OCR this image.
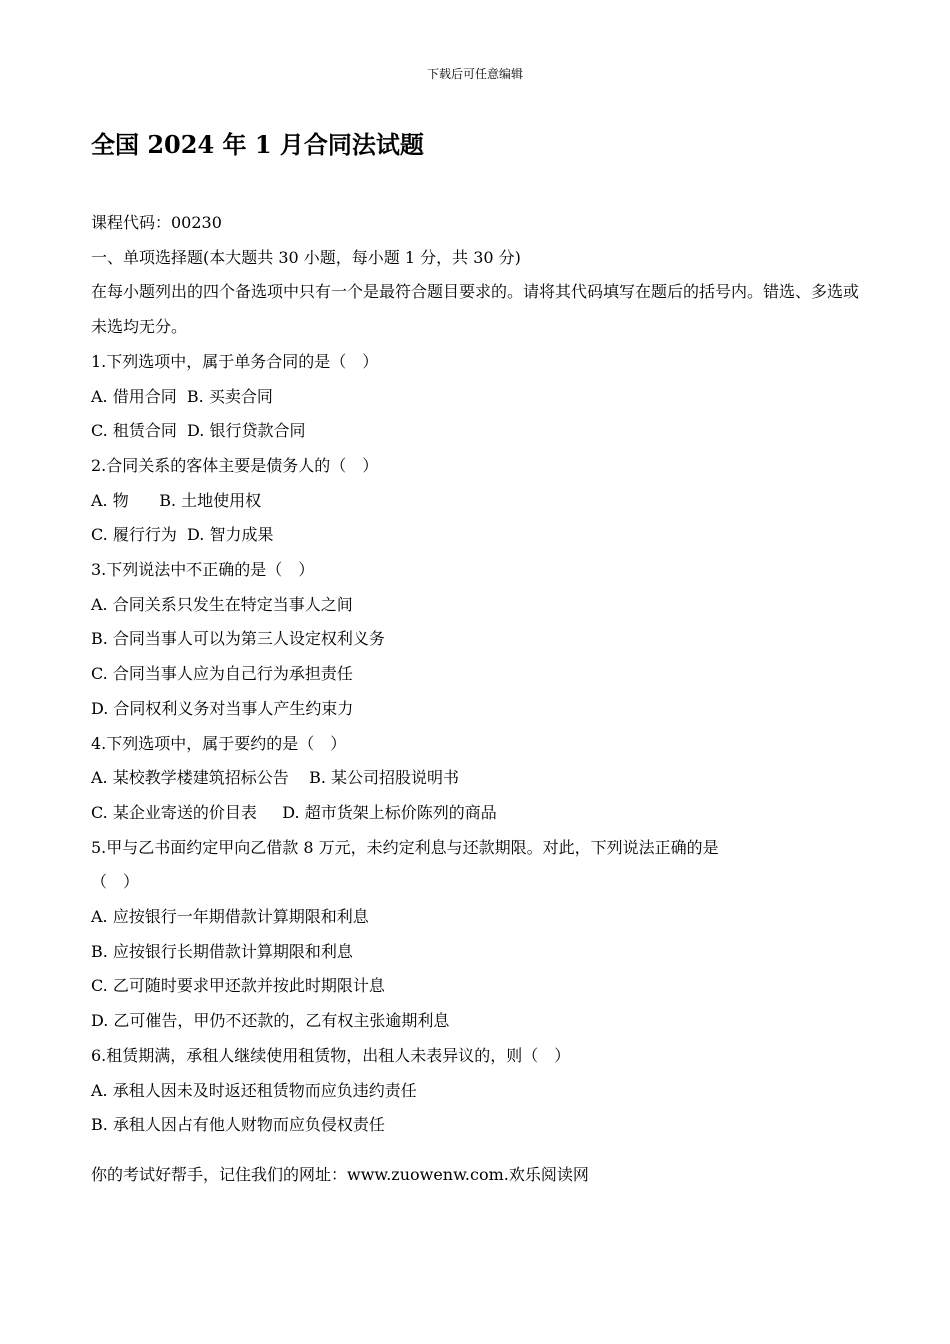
下载后可任意编辑
全国 2024 年 1 月合同法试题
课程代码：00230
一、单项选择题(本大题共 30 小题，每小题 1 分，共 30 分)
在每小题列出的四个备选项中只有一个是最符合题目要求的。请将其代码填写在题后的括号内。错选、多选或未选均无分。
1.下列选项中，属于单务合同的是（　）
A. 借用合同  B. 买卖合同
C. 租赁合同  D. 银行贷款合同
2.合同关系的客体主要是债务人的（　）
A. 物      B. 土地使用权
C. 履行行为  D. 智力成果
3.下列说法中不正确的是（　）
A. 合同关系只发生在特定当事人之间
B. 合同当事人可以为第三人设定权利义务
C. 合同当事人应为自己行为承担责任
D. 合同权利义务对当事人产生约束力
4.下列选项中，属于要约的是（　）
A. 某校教学楼建筑招标公告    B. 某公司招股说明书
C. 某企业寄送的价目表     D. 超市货架上标价陈列的商品
5.甲与乙书面约定甲向乙借款 8 万元，未约定利息与还款期限。对此，下列说法正确的是
（　）
A. 应按银行一年期借款计算期限和利息
B. 应按银行长期借款计算期限和利息
C. 乙可随时要求甲还款并按此时期限计息
D. 乙可催告，甲仍不还款的，乙有权主张逾期利息
6.租赁期满，承租人继续使用租赁物，出租人未表异议的，则（　）
A. 承租人因未及时返还租赁物而应负违约责任
B. 承租人因占有他人财物而应负侵权责任
你的考试好帮手，记住我们的网址：www.zuowenw.com.欢乐阅读网
